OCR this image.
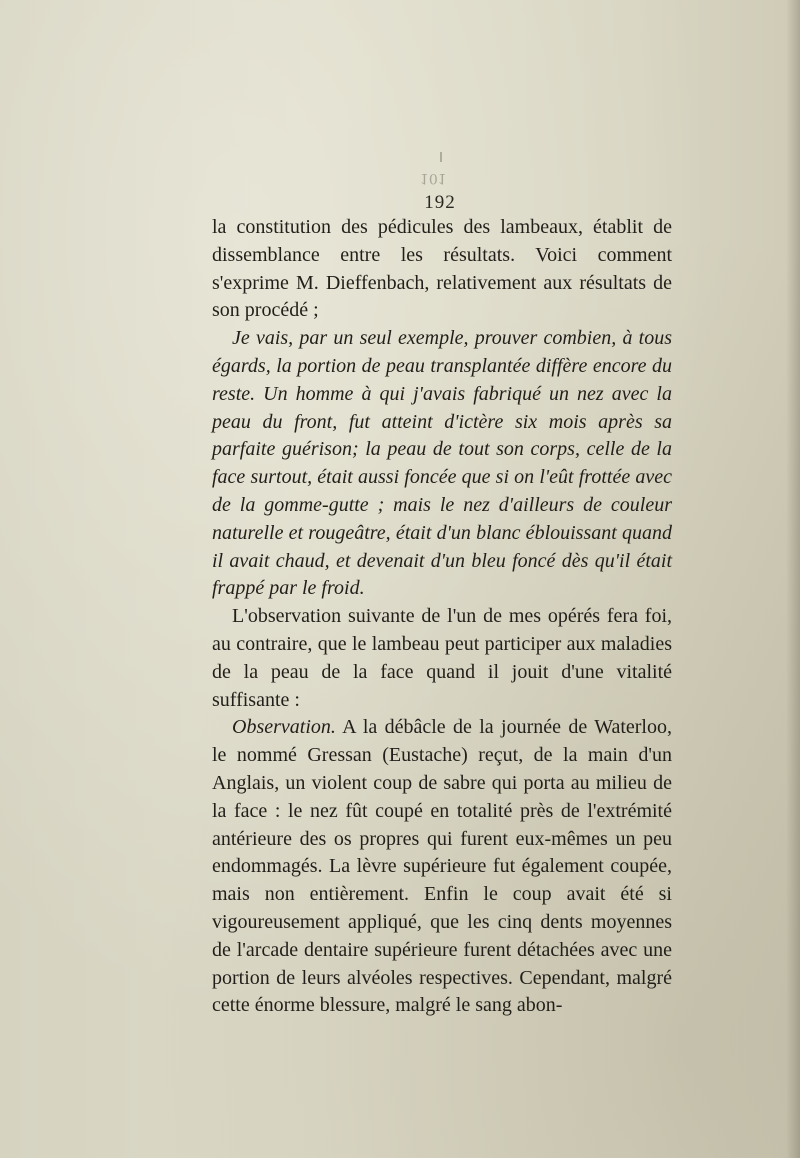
101
192

la constitution des pédicules des lambeaux, établit de dissemblance entre les résultats. Voici comment s'exprime M. Dieffenbach, relativement aux résultats de son procédé ;

Je vais, par un seul exemple, prouver combien, à tous égards, la portion de peau transplantée diffère encore du reste. Un homme à qui j'avais fabriqué un nez avec la peau du front, fut atteint d'ictère six mois après sa parfaite guérison; la peau de tout son corps, celle de la face surtout, était aussi foncée que si on l'eût frottée avec de la gomme-gutte ; mais le nez d'ailleurs de couleur naturelle et rougeâtre, était d'un blanc éblouissant quand il avait chaud, et devenait d'un bleu foncé dès qu'il était frappé par le froid.

L'observation suivante de l'un de mes opérés fera foi, au contraire, que le lambeau peut participer aux maladies de la peau de la face quand il jouit d'une vitalité suffisante :

Observation. A la débâcle de la journée de Waterloo, le nommé Gressan (Eustache) reçut, de la main d'un Anglais, un violent coup de sabre qui porta au milieu de la face : le nez fût coupé en totalité près de l'extrémité antérieure des os propres qui furent eux-mêmes un peu endommagés. La lèvre supérieure fut également coupée, mais non entièrement. Enfin le coup avait été si vigoureusement appliqué, que les cinq dents moyennes de l'arcade dentaire supérieure furent détachées avec une portion de leurs alvéoles respectives. Cependant, malgré cette énorme blessure, malgré le sang abon-
